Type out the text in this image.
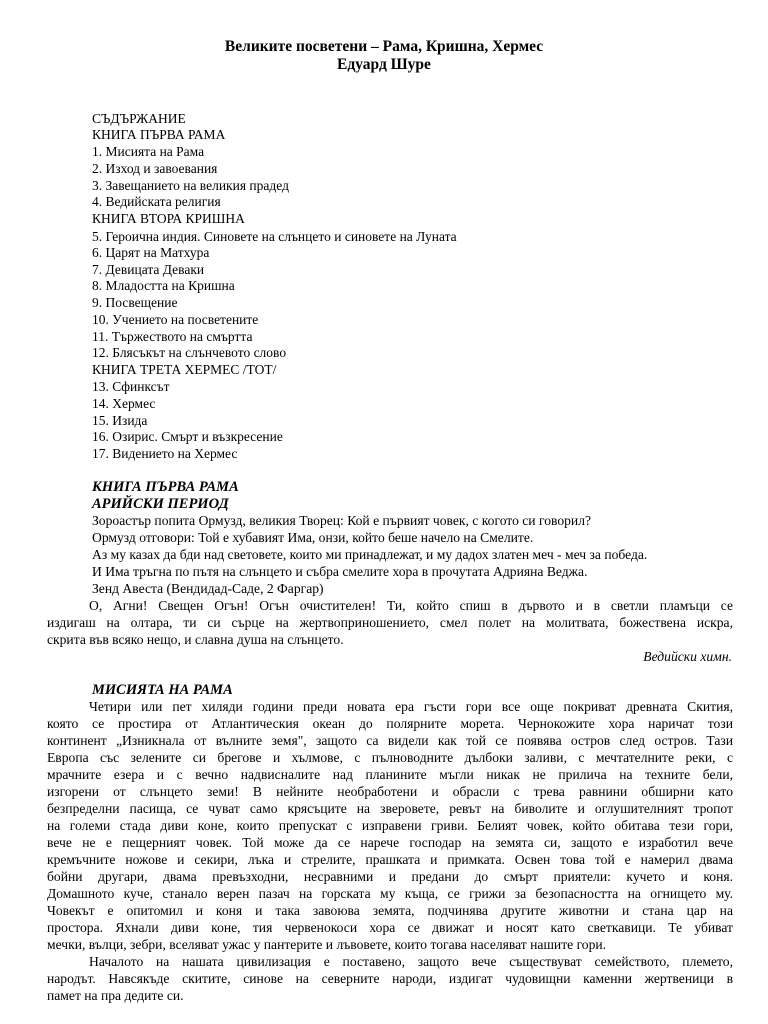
Великите посветени – Рама, Кришна, Хермес
Едуард Шуре
СЪДЪРЖАНИЕ
КНИГА ПЪРВА РАМА
1. Мисията на Рама
2. Изход и завоевания
3. Завещанието на великия прадед
4. Ведийската религия
КНИГА ВТОРА КРИШНА
5. Героична индия. Синовете на слънцето и синовете на Луната
6. Царят на Матхура
7. Девицата Деваки
8. Младостта на Кришна
9. Посвещение
10. Учението на посветените
11. Тържеството на смъртта
12. Блясъкът на слънчевото слово
КНИГА ТРЕТА ХЕРМЕС /ТОТ/
13. Сфинксът
14. Хермес
15. Изида
16. Озирис. Смърт и възкресение
17. Видението на Хермес
КНИГА ПЪРВА РАМА
АРИЙСКИ ПЕРИОД
Зороастър попита Ормузд, великия Творец: Кой е първият човек, с когото си говорил?
Ормузд отговори: Той е хубавият Има, онзи, който беше начело на Смелите.
Аз му казах да бди над световете, които ми принадлежат, и му дадох златен меч - меч за победа.
И Има тръгна по пътя на слънцето и събра смелите хора в прочутата Адрияна Веджа.
Зенд Авеста (Вендидад-Саде, 2 Фаргар)
О, Агни! Свещен Огън! Огън очистителен! Ти, който спиш в дървото и в светли пламъци се
издигаш на олтара, ти си сърце на жертвоприношението, смел полет на молитвата, божествена искра,
скрита във всяко нещо, и славна душа на слънцето.
Ведийски химн.
МИСИЯТА НА РАМА
Четири или пет хиляди години преди новата ера гъсти гори все още покриват древната Скития,
която се простира от Атлантическия океан до полярните морета. Чернокожите хора наричат този
континент „Изникнала от вълните земя", защото са видели как той се появява остров след остров. Тази
Европа със зелените си брегове и хълмове, с пълноводните дълбоки заливи, с мечтателните реки, с
мрачните езера и с вечно надвисналите над планините мъгли никак не прилича на техните бели,
изгорени от слънцето земи! В нейните необработени и обрасли с трева равнини обширни като
безпределни пасища, се чуват само крясъците на зверовете, ревът на биволите и оглушителният тропот
на големи стада диви коне, които препускат с изправени гриви. Белият човек, който обитава тези гори,
вече не е пещерният човек. Той може да се нарече господар на земята си, защото е изработил вече
кремъчните ножове и секири, лъка и стрелите, прашката и примката. Освен това той е намерил двама
бойни другари, двама превъзходни, несравними и предани до смърт приятели: кучето и коня.
Домашното куче, станало верен пазач на горската му къща, се грижи за безопасността на огнището му.
Човекът е опитомил и коня и така завоюва земята, подчинява другите животни и стана цар на
простора. Яхнали диви коне, тия червенокоси хора се движат и носят като светкавици. Те убиват
мечки, вълци, зебри, вселяват ужас у пантерите и лъвовете, които тогава населяват нашите гори.
Началото на нашата цивилизация е поставено, защото вече съществуват семейството, племето,
народът. Навсякъде скитите, синове на северните народи, издигат чудовищни каменни жертвеници в
памет на пра дедите си.
